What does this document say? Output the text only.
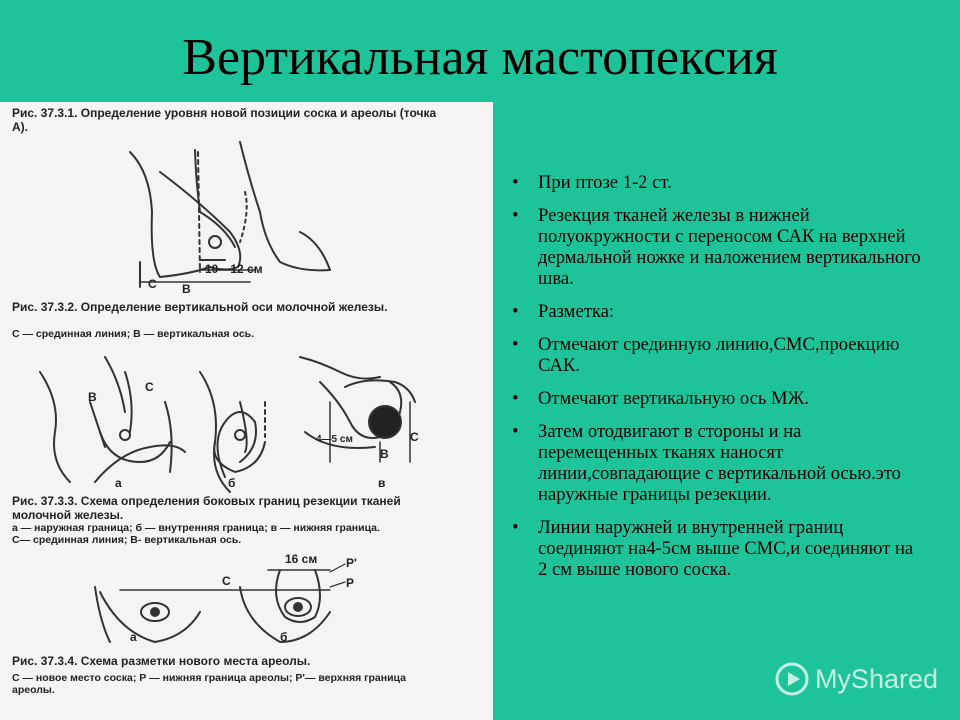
Вертикальная мастопексия
Рис. 37.3.1. Определение уровня новой позиции соска и ареолы (точка А).
C B
10—12 см
Рис. 37.3.2. Определение вертикальной оси молочной железы.
С — срединная линия; В — вертикальная ось.
B
C
C
B
а	б	в
4—5 см
Рис. 37.3.3. Схема определения боковых границ резекции тканей молочной железы.
а — наружная граница; б — внутренняя граница; в — нижняя граница.
С— срединная линия; В- вертикальная ось.
16 см P'
P
C
а	б
Рис. 37.3.4. Схема разметки нового места ареолы.
С — новое место соска; Р — нижняя граница ареолы; Р'— верхняя граница ареолы.
• При птозе 1-2 ст.
• Резекция тканей железы в нижней полуокружности с переносом САК на верхней дермальной ножке и наложением вертикального шва.
• Разметка:
• Отмечают срединную линию,СМС,проекцию САК.
• Отмечают вертикальную ось МЖ.
• Затем отодвигают в стороны и на перемещенных тканях наносят линии,совпадающие с вертикальной осью.это наружные границы резекции.
• Линии наружней и внутренней границ соединяют на4-5см выше СМС,и соединяют на 2 см выше нового соска.
MyShared
